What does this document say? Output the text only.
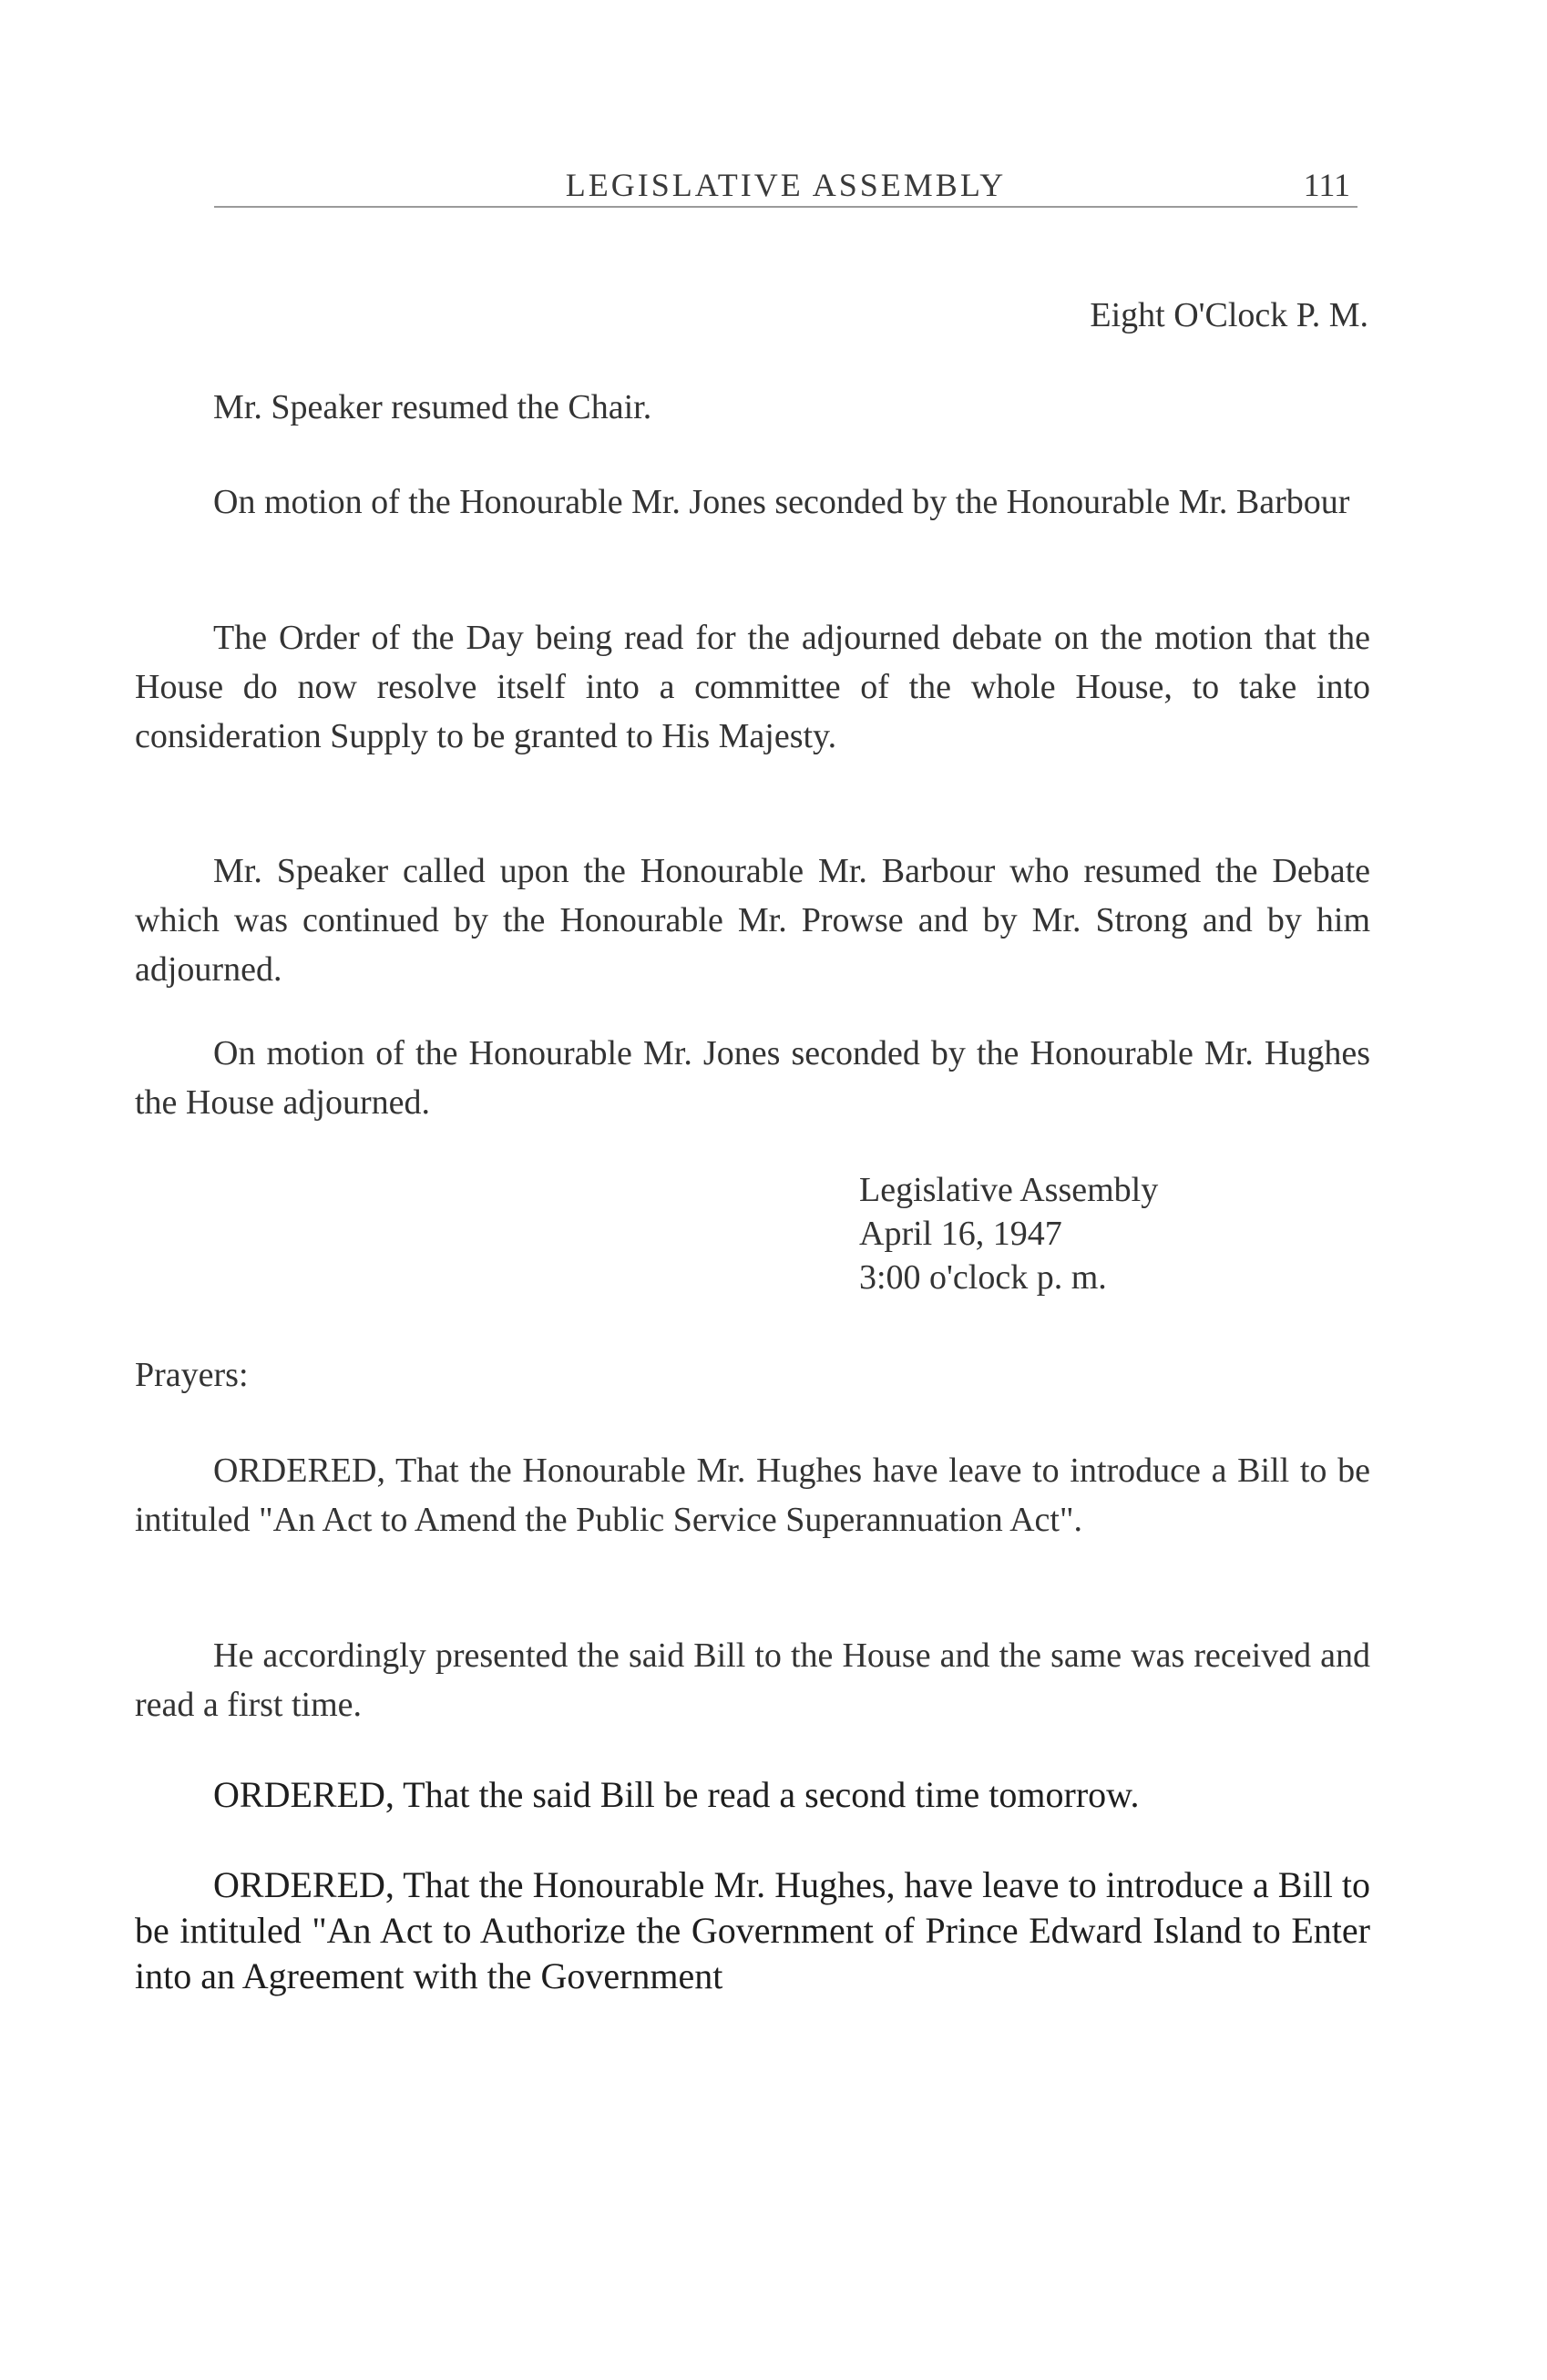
LEGISLATIVE ASSEMBLY	111
Eight O'Clock P. M.
Mr. Speaker resumed the Chair.
On motion of the Honourable Mr. Jones seconded by the Honourable Mr. Barbour
The Order of the Day being read for the adjourned debate on the motion that the House do now resolve itself into a committee of the whole House, to take into consideration Supply to be granted to His Majesty.
Mr. Speaker called upon the Honourable Mr. Barbour who resumed the Debate which was continued by the Honourable Mr. Prowse and by Mr. Strong and by him adjourned.
On motion of the Honourable Mr. Jones seconded by the Honourable Mr. Hughes the House adjourned.
Legislative Assembly
April 16, 1947
3:00 o'clock p. m.
Prayers:
ORDERED, That the Honourable Mr. Hughes have leave to introduce a Bill to be intituled "An Act to Amend the Public Service Superannuation Act".
He accordingly presented the said Bill to the House and the same was received and read a first time.
ORDERED, That the said Bill be read a second time tomorrow.
ORDERED, That the Honourable Mr. Hughes, have leave to introduce a Bill to be intituled "An Act to Authorize the Government of Prince Edward Island to Enter into an Agreement with the Government
